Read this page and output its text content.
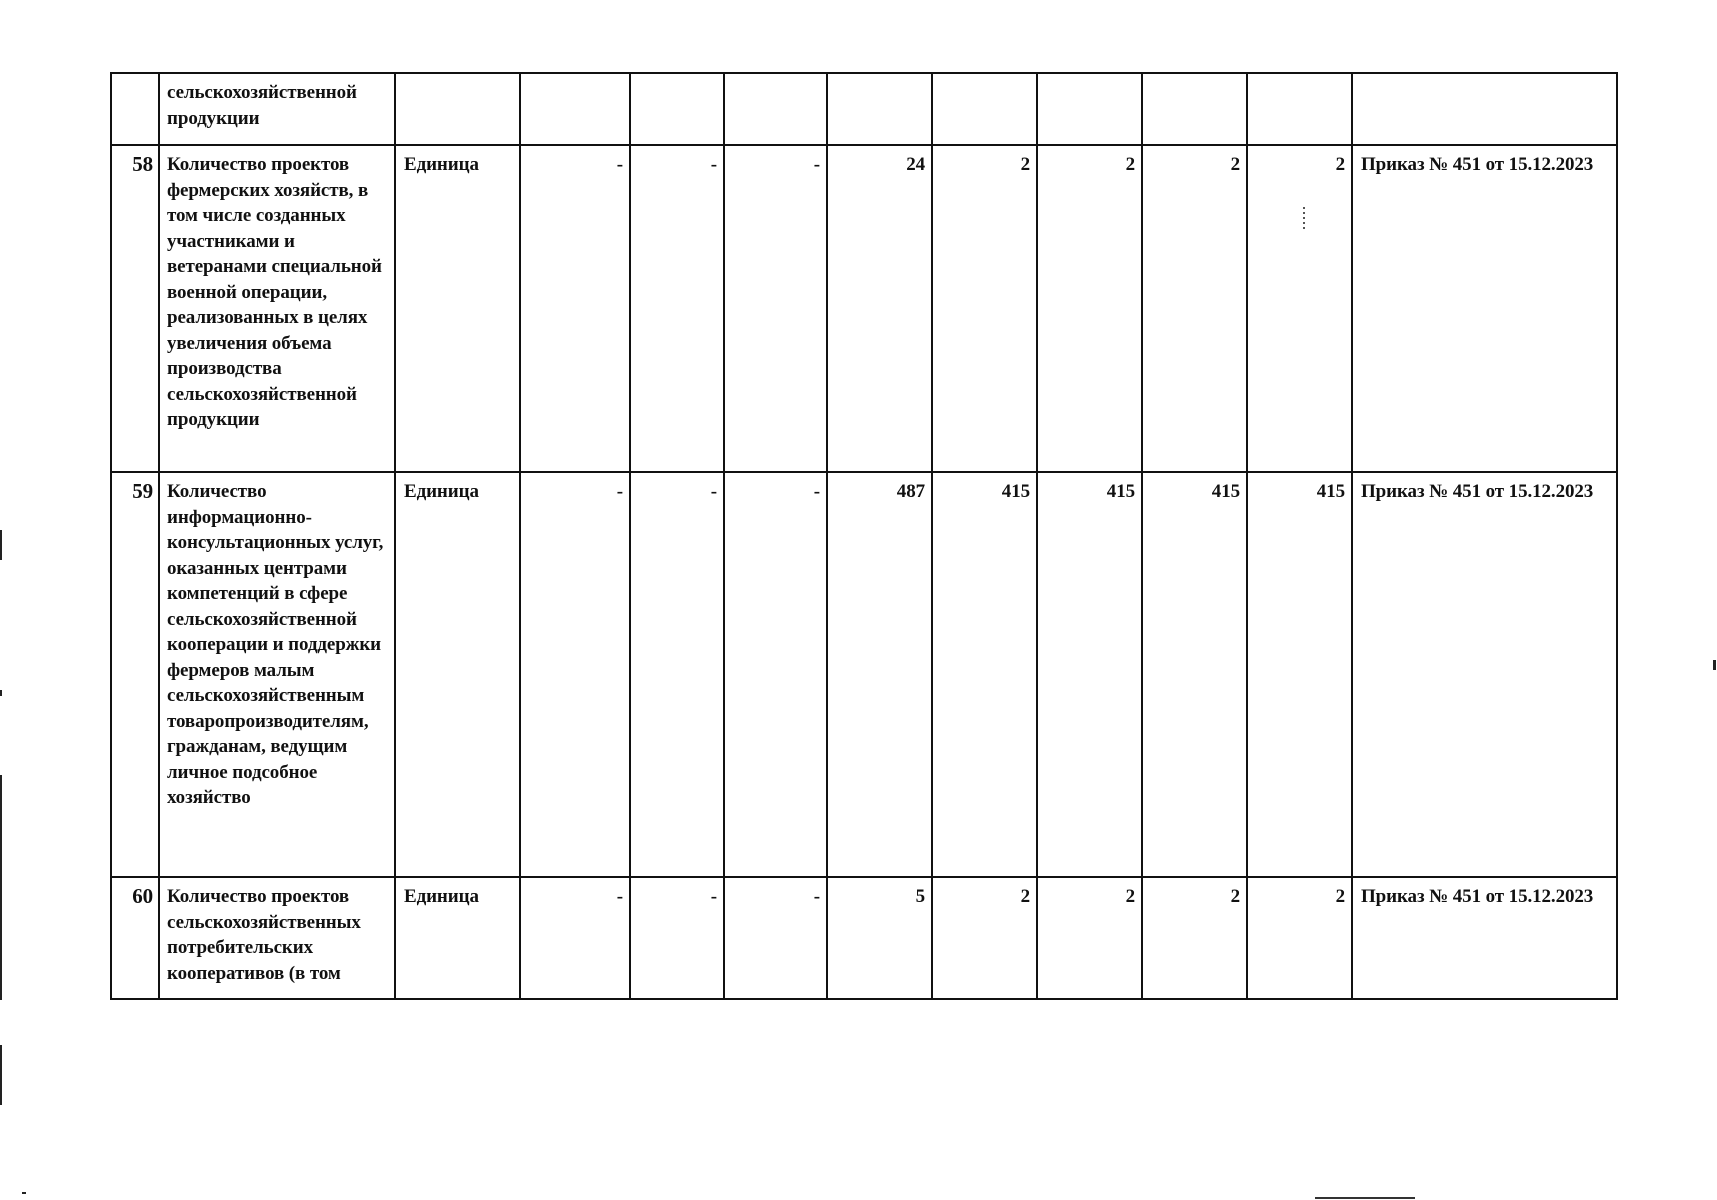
	сельскохозяйственной продукции										
58	Количество проектов фермерских хозяйств, в том числе созданных участниками и ветеранами специальной военной операции, реализованных в целях увеличения объема производства сельскохозяйственной продукции	Единица	-	-	-	24	2	2	2	2	Приказ № 451 от 15.12.2023
59	Количество информационно-консультационных услуг, оказанных центрами компетенций в сфере сельскохозяйственной кооперации и поддержки фермеров малым сельскохозяйственным товаропроизводителям, гражданам, ведущим личное подсобное хозяйство	Единица	-	-	-	487	415	415	415	415	Приказ № 451 от 15.12.2023
60	Количество проектов сельскохозяйственных потребительских кооперативов (в том	Единица	-	-	-	5	2	2	2	2	Приказ № 451 от 15.12.2023
